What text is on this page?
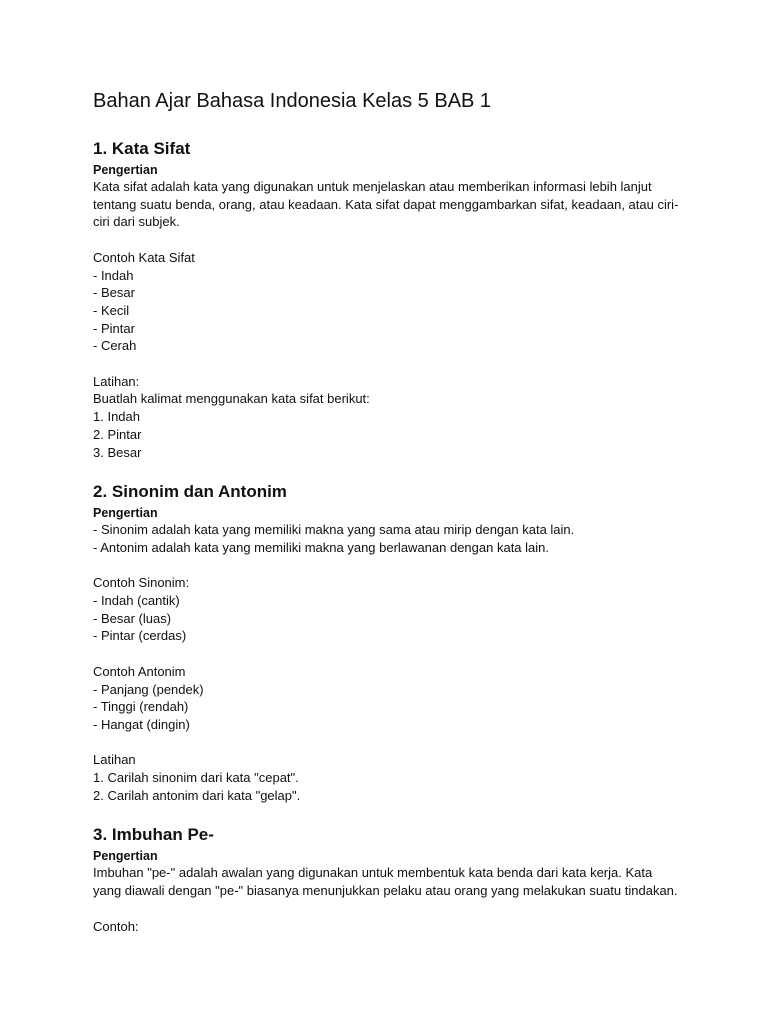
Bahan Ajar Bahasa Indonesia Kelas 5 BAB 1
1. Kata Sifat
Pengertian
Kata sifat adalah kata yang digunakan untuk menjelaskan atau memberikan informasi lebih lanjut
tentang suatu benda, orang, atau keadaan. Kata sifat dapat menggambarkan sifat, keadaan, atau ciri-
ciri dari subjek.
Contoh Kata Sifat
- Indah
- Besar
- Kecil
- Pintar
- Cerah
Latihan:
Buatlah kalimat menggunakan kata sifat berikut:
1. Indah
2. Pintar
3. Besar
2. Sinonim dan Antonim
Pengertian
- Sinonim adalah kata yang memiliki makna yang sama atau mirip dengan kata lain.
- Antonim adalah kata yang memiliki makna yang berlawanan dengan kata lain.
Contoh Sinonim:
- Indah (cantik)
- Besar (luas)
- Pintar (cerdas)
Contoh Antonim
- Panjang (pendek)
- Tinggi (rendah)
- Hangat (dingin)
Latihan
1. Carilah sinonim dari kata "cepat".
2. Carilah antonim dari kata "gelap".
3. Imbuhan Pe-
Pengertian
Imbuhan "pe-" adalah awalan yang digunakan untuk membentuk kata benda dari kata kerja. Kata
yang diawali dengan "pe-" biasanya menunjukkan pelaku atau orang yang melakukan suatu tindakan.
Contoh:
